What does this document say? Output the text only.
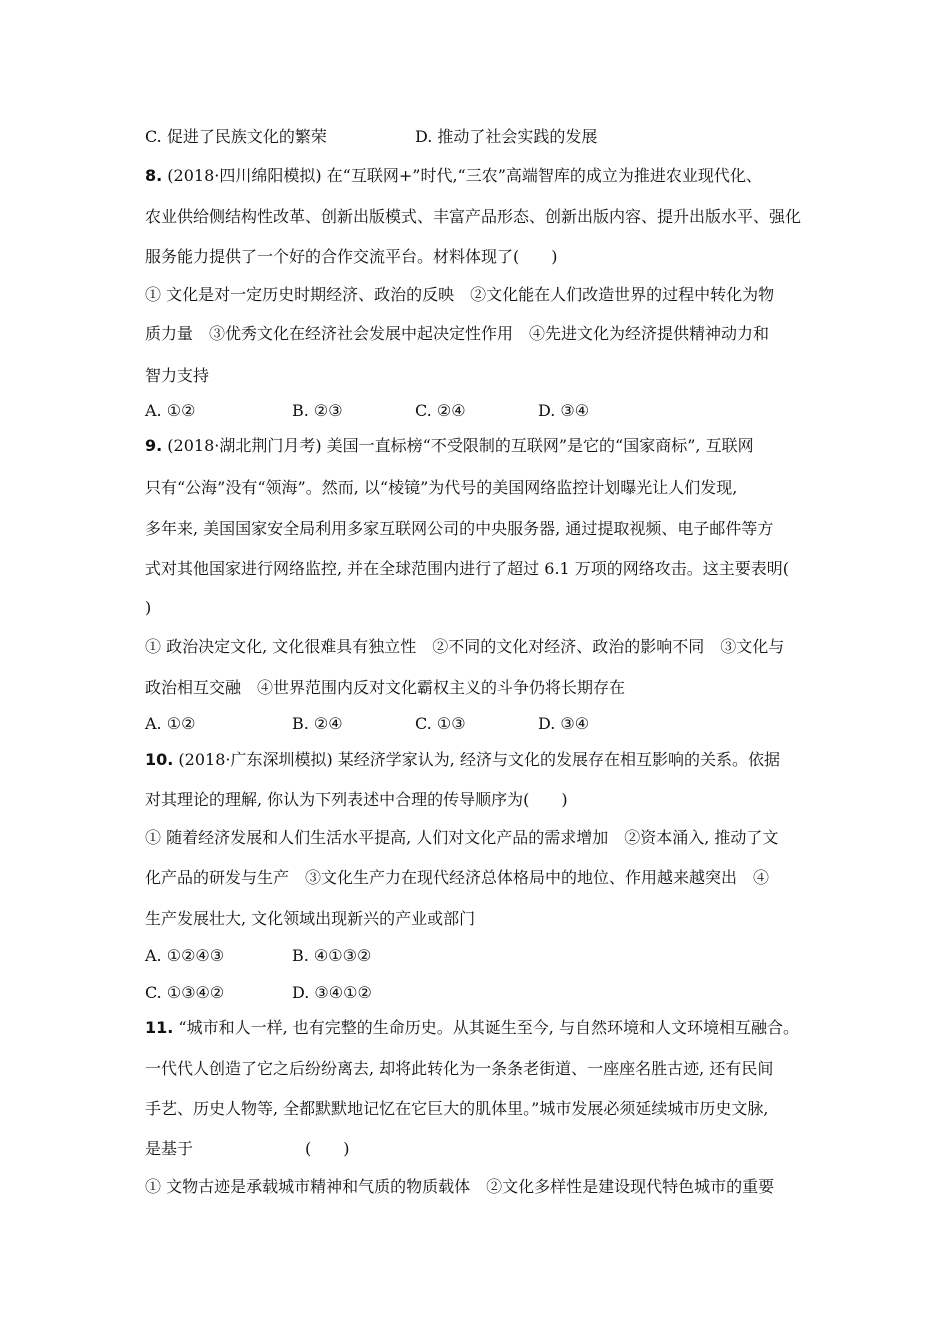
C. 促进了民族文化的繁荣	D. 推动了社会实践的发展
8. (2018·四川绵阳模拟) 在“互联网+”时代,“三农”高端智库的成立为推进农业现代化、
农业供给侧结构性改革、创新出版模式、丰富产品形态、创新出版内容、提升出版水平、强化
服务能力提供了一个好的合作交流平台。材料体现了(　　)
① 文化是对一定历史时期经济、政治的反映　②文化能在人们改造世界的过程中转化为物
质力量　③优秀文化在经济社会发展中起决定性作用　④先进文化为经济提供精神动力和
智力支持
A. ①②	B. ②③	C. ②④	D. ③④
9. (2018·湖北荆门月考) 美国一直标榜“不受限制的互联网”是它的“国家商标”, 互联网
只有“公海”没有“领海”。然而, 以“棱镜”为代号的美国网络监控计划曝光让人们发现,
多年来, 美国国家安全局利用多家互联网公司的中央服务器, 通过提取视频、电子邮件等方
式对其他国家进行网络监控, 并在全球范围内进行了超过 6.1 万项的网络攻击。这主要表明(
)
① 政治决定文化, 文化很难具有独立性　②不同的文化对经济、政治的影响不同　③文化与
政治相互交融　④世界范围内反对文化霸权主义的斗争仍将长期存在
A. ①②	B. ②④	C. ①③	D. ③④
10. (2018·广东深圳模拟) 某经济学家认为, 经济与文化的发展存在相互影响的关系。依据
对其理论的理解, 你认为下列表述中合理的传导顺序为(　　)
① 随着经济发展和人们生活水平提高, 人们对文化产品的需求增加　②资本涌入, 推动了文
化产品的研发与生产　③文化生产力在现代经济总体格局中的地位、作用越来越突出　④
生产发展壮大, 文化领域出现新兴的产业或部门
A. ①②④③	B. ④①③②
C. ①③④②	D. ③④①②
11. “城市和人一样, 也有完整的生命历史。从其诞生至今, 与自然环境和人文环境相互融合。
一代代人创造了它之后纷纷离去, 却将此转化为一条条老街道、一座座名胜古迹, 还有民间
手艺、历史人物等, 全都默默地记忆在它巨大的肌体里。”城市发展必须延续城市历史文脉,
是基于　　　　　　　(　　)
① 文物古迹是承载城市精神和气质的物质载体　②文化多样性是建设现代特色城市的重要
